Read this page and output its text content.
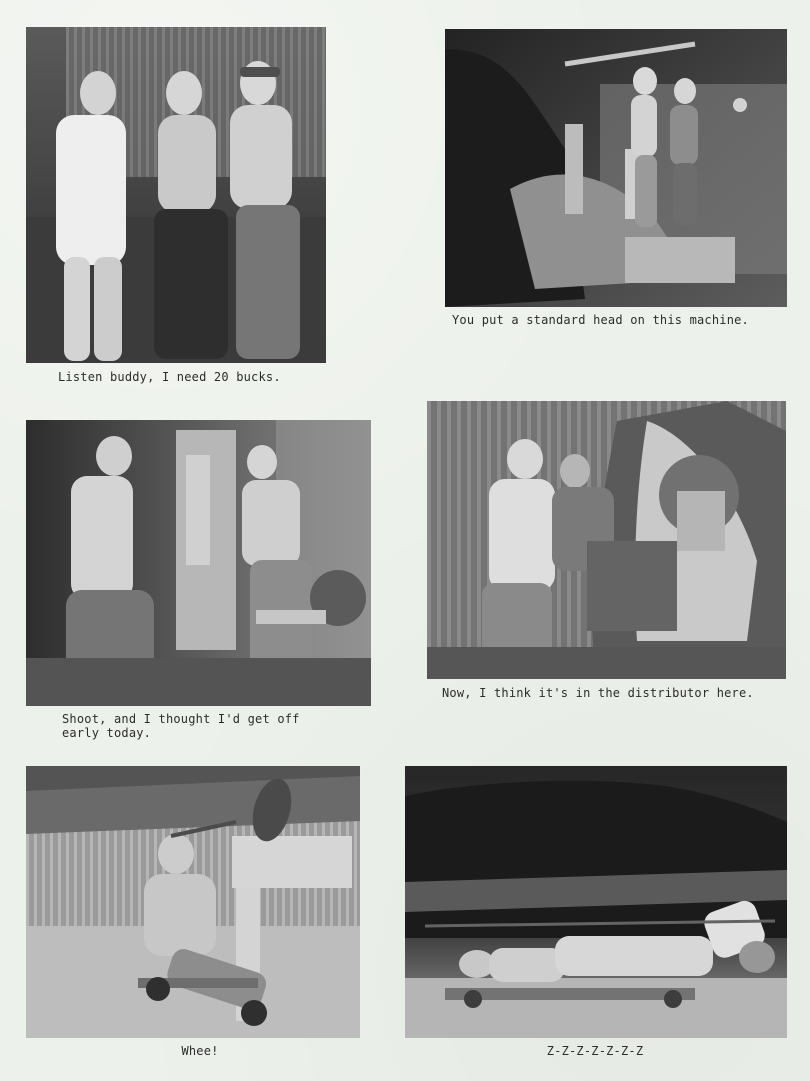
Listen buddy, I need 20 bucks.
You put a standard head on this machine.
Shoot, and I thought I'd get off
early today.
Now, I think it's in the distributor here.
Whee!	Z-Z-Z-Z-Z-Z-Z
